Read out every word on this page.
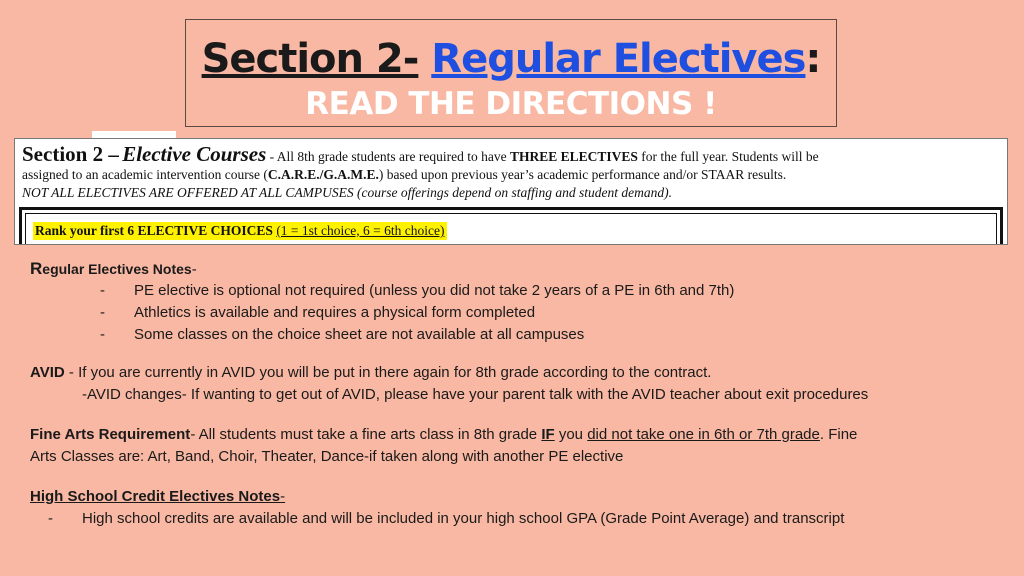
Section 2- Regular Electives:
READ THE DIRECTIONS !
Section 2 – Elective Courses - All 8th grade students are required to have THREE ELECTIVES for the full year. Students will be
assigned to an academic intervention course (C.A.R.E./G.A.M.E.) based upon previous year’s academic performance and/or STAAR results.
NOT ALL ELECTIVES ARE OFFERED AT ALL CAMPUSES (course offerings depend on staffing and student demand).
Rank your first 6 ELECTIVE CHOICES (1 = 1st choice, 6 = 6th choice)
Regular Electives Notes-
- PE elective is optional not required (unless you did not take 2 years of a PE in 6th and 7th)
- Athletics is available and requires a physical form completed
- Some classes on the choice sheet are not available at all campuses
AVID - If you are currently in AVID you will be put in there again for 8th grade according to the contract.
-AVID changes- If wanting to get out of AVID, please have your parent talk with the AVID teacher about exit procedures
Fine Arts Requirement- All students must take a fine arts class in 8th grade IF you did not take one in 6th or 7th grade. Fine
Arts Classes are: Art, Band, Choir, Theater, Dance-if taken along with another PE elective
High School Credit Electives Notes-
- High school credits are available and will be included in your high school GPA (Grade Point Average) and transcript
